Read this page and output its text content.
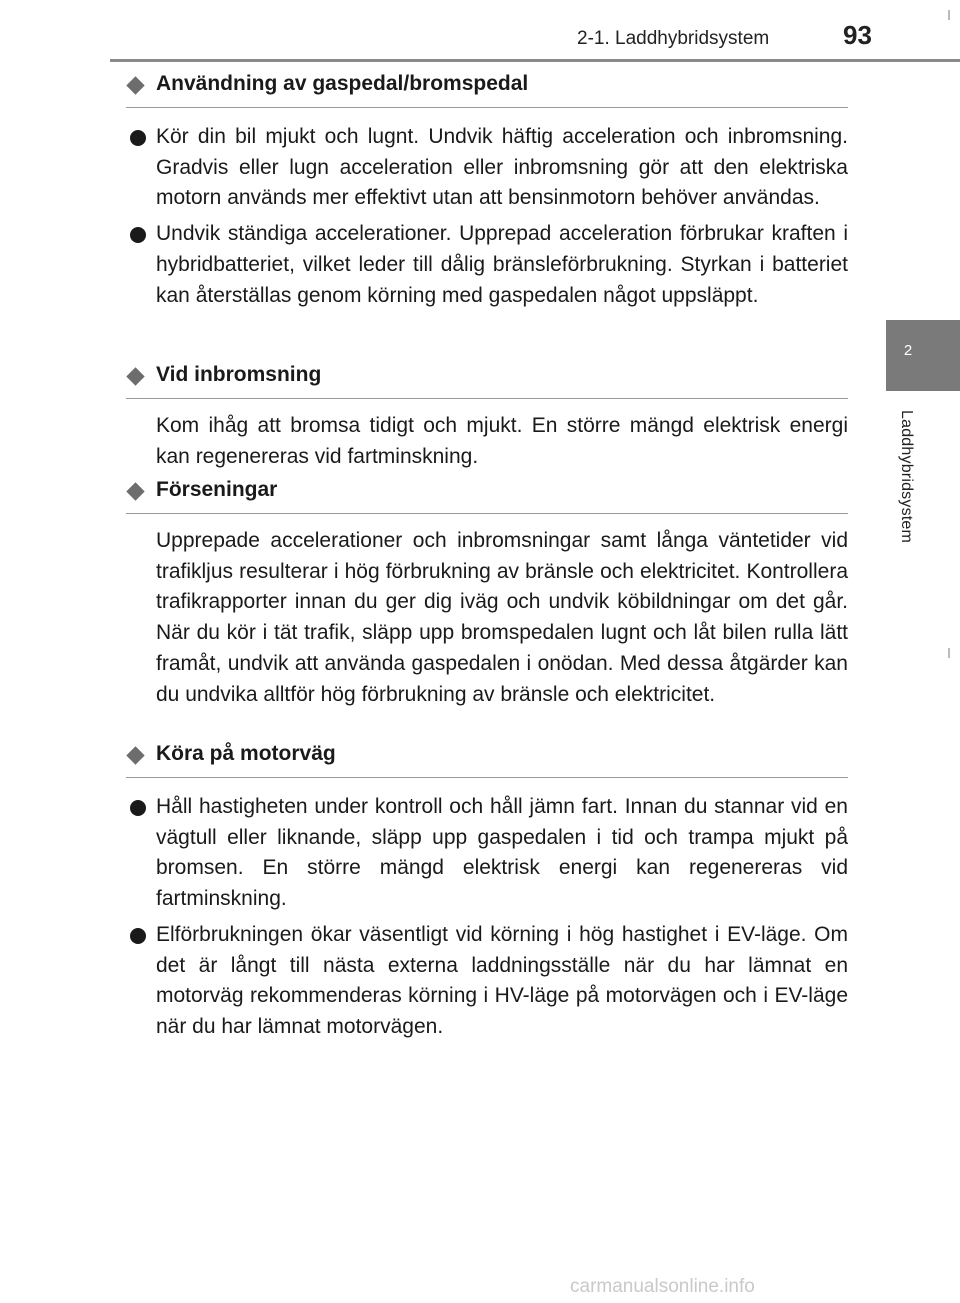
2-1. Laddhybridsystem	93
2
Laddhybridsystem
Användning av gaspedal/bromspedal
Kör din bil mjukt och lugnt. Undvik häftig acceleration och inbromsning. Gradvis eller lugn acceleration eller inbromsning gör att den elektriska motorn används mer effektivt utan att bensinmotorn behöver användas.
Undvik ständiga accelerationer. Upprepad acceleration förbrukar kraften i hybridbatteriet, vilket leder till dålig bränsleförbrukning. Styrkan i batteriet kan återställas genom körning med gaspedalen något uppsläppt.
Vid inbromsning
Kom ihåg att bromsa tidigt och mjukt. En större mängd elektrisk energi kan regenereras vid fartminskning.
Förseningar
Upprepade accelerationer och inbromsningar samt långa väntetider vid trafikljus resulterar i hög förbrukning av bränsle och elektricitet. Kontrollera trafikrapporter innan du ger dig iväg och undvik köbildningar om det går. När du kör i tät trafik, släpp upp bromspedalen lugnt och låt bilen rulla lätt framåt, undvik att använda gaspedalen i onödan. Med dessa åtgärder kan du undvika alltför hög förbrukning av bränsle och elektricitet.
Köra på motorväg
Håll hastigheten under kontroll och håll jämn fart. Innan du stannar vid en vägtull eller liknande, släpp upp gaspedalen i tid och trampa mjukt på bromsen. En större mängd elektrisk energi kan regenereras vid fartminskning.
Elförbrukningen ökar väsentligt vid körning i hög hastighet i EV-läge. Om det är långt till nästa externa laddningsställe när du har lämnat en motorväg rekommenderas körning i HV-läge på motorvägen och i EV-läge när du har lämnat motorvägen.
carmanualsonline.info
